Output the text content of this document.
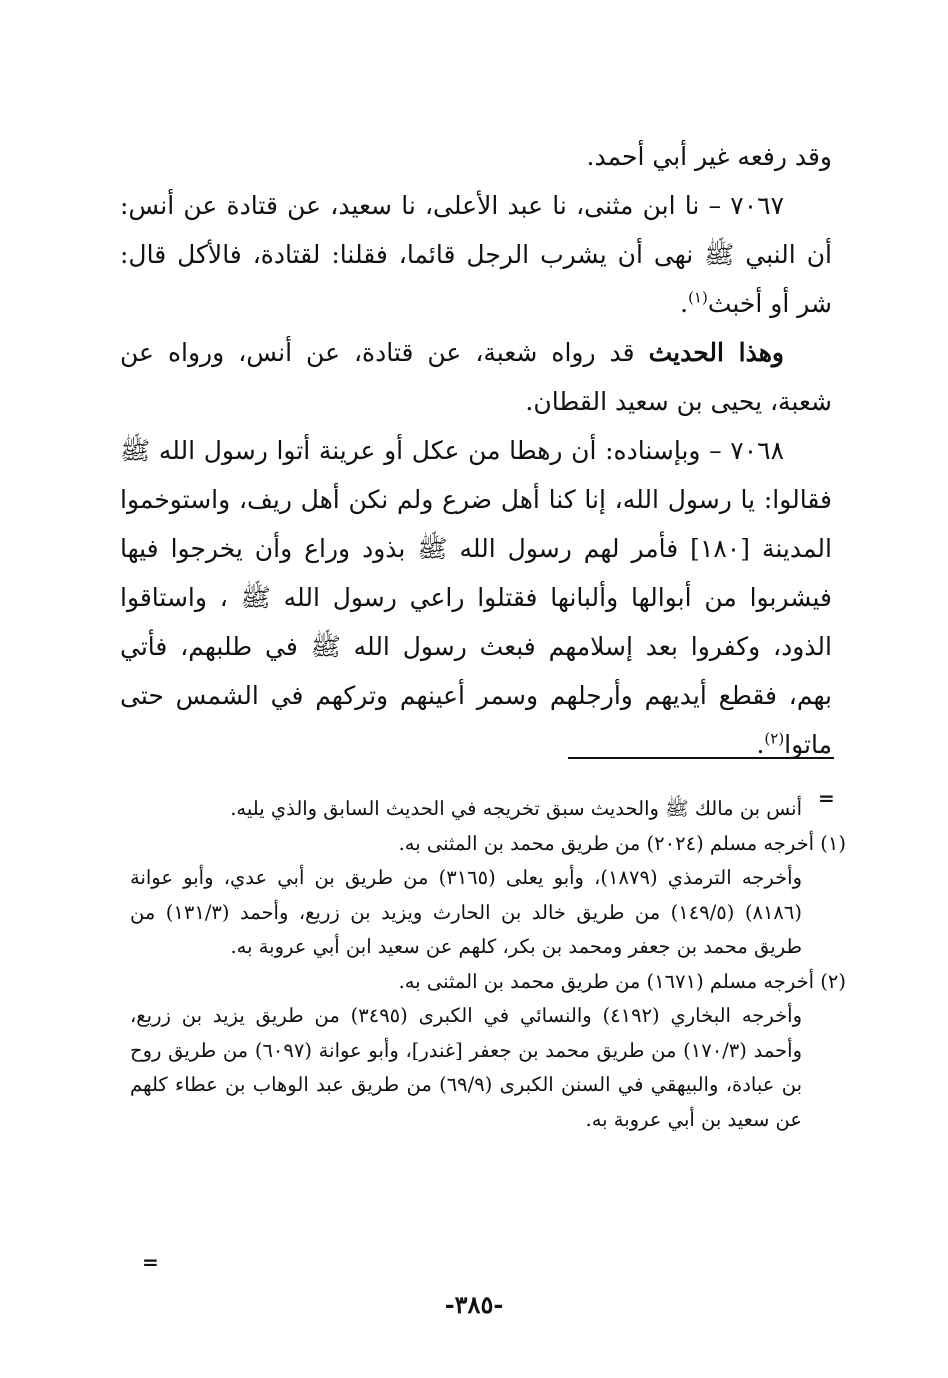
وقد رفعه غير أبي أحمد.

٧٠٦٧ – نا ابن مثنى، نا عبد الأعلى، نا سعيد، عن قتادة عن أنس: أن النبي ﷺ نهى أن يشرب الرجل قائما، فقلنا: لقتادة، فالأكل قال: شر أو أخبث$^{(١)}$.

وهذا الحديث قد رواه شعبة، عن قتادة، عن أنس، ورواه عن شعبة، يحيى بن سعيد القطان.

٧٠٦٨ – وبإسناده: أن رهطا من عكل أو عرينة أتوا رسول الله ﷺ فقالوا: يا رسول الله، إنا كنا أهل ضرع ولم نكن أهل ريف، واستوخموا المدينة [١٨٠] فأمر لهم رسول الله ﷺ بذود وراع وأن يخرجوا فيها فيشربوا من أبوالها وألبانها فقتلوا راعي رسول الله ﷺ ، واستاقوا الذود، وكفروا بعد إسلامهم فبعث رسول الله ﷺ في طلبهم، فأتي بهم، فقطع أيديهم وأرجلهم وسمر أعينهم وتركهم في الشمس حتى ماتوا$^{(٢)}$.

=

أنس بن مالك ﷺ والحديث سبق تخريجه في الحديث السابق والذي يليه.

(١) أخرجه مسلم (٢٠٢٤) من طريق محمد بن المثنى به.

وأخرجه الترمذي (١٨٧٩)، وأبو يعلى (٣١٦٥) من طريق بن أبي عدي، وأبو عوانة (٨١٨٦) (١٤٩/٥) من طريق خالد بن الحارث ويزيد بن زريع، وأحمد (١٣١/٣) من طريق محمد بن جعفر ومحمد بن بكر، كلهم عن سعيد ابن أبي عروبة به.

(٢) أخرجه مسلم (١٦٧١) من طريق محمد بن المثنى به.

وأخرجه البخاري (٤١٩٢) والنسائي في الكبرى (٣٤٩٥) من طريق يزيد بن زريع، وأحمد (١٧٠/٣) من طريق محمد بن جعفر [غندر]، وأبو عوانة (٦٠٩٧) من طريق روح بن عبادة، والبيهقي في السنن الكبرى (٦٩/٩) من طريق عبد الوهاب بن عطاء كلهم عن سعيد بن أبي عروبة به.

=
-٣٨٥-
